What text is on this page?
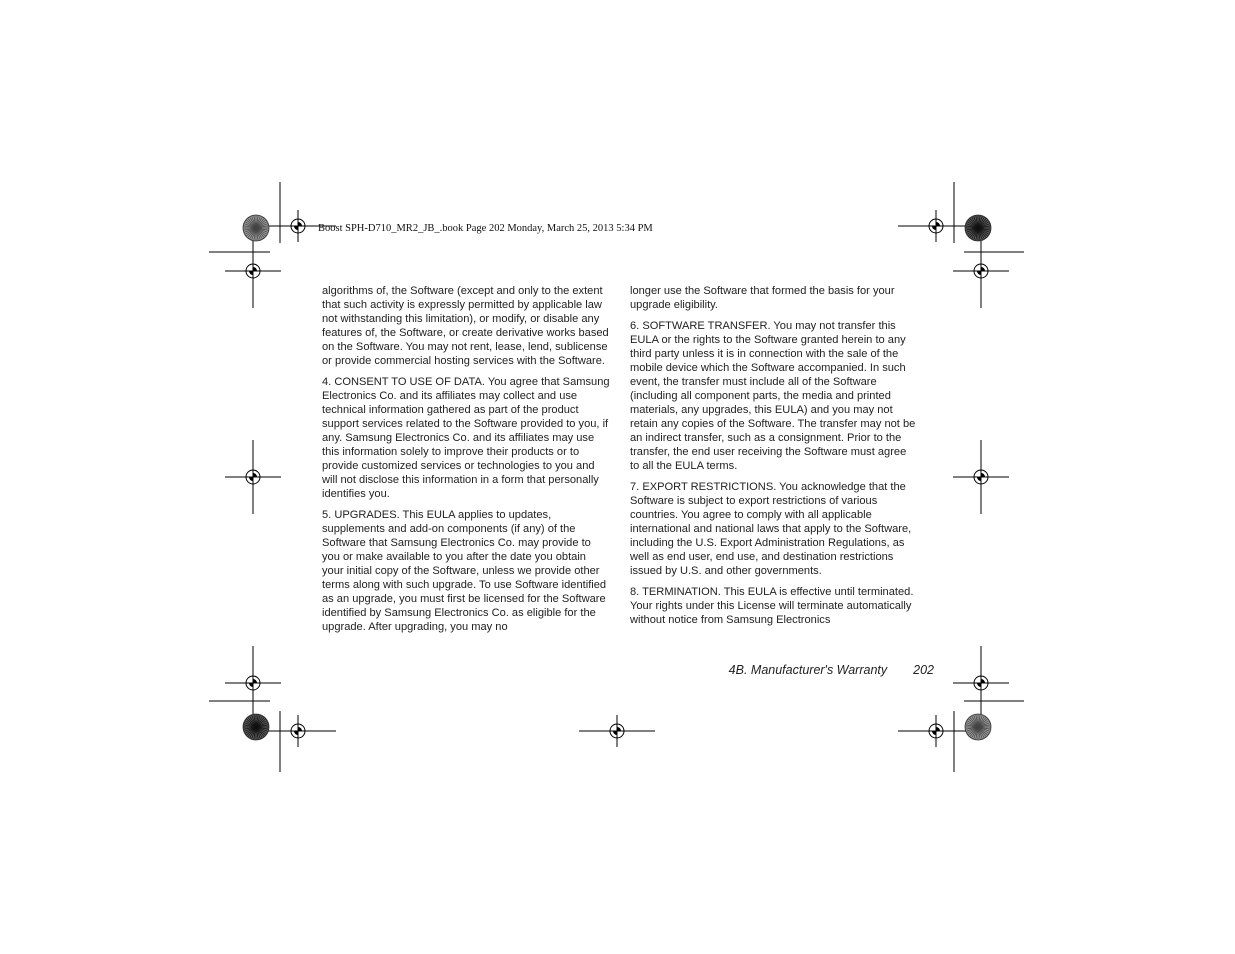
Boost SPH-D710_MR2_JB_.book Page 202 Monday, March 25, 2013 5:34 PM

algorithms of, the Software (except and only to the extent that such activity is expressly permitted by applicable law not withstanding this limitation), or modify, or disable any features of, the Software, or create derivative works based on the Software. You may not rent, lease, lend, sublicense or provide commercial hosting services with the Software.

4. CONSENT TO USE OF DATA. You agree that Samsung Electronics Co. and its affiliates may collect and use technical information gathered as part of the product support services related to the Software provided to you, if any. Samsung Electronics Co. and its affiliates may use this information solely to improve their products or to provide customized services or technologies to you and will not disclose this information in a form that personally identifies you.

5. UPGRADES. This EULA applies to updates, supplements and add-on components (if any) of the Software that Samsung Electronics Co. may provide to you or make available to you after the date you obtain your initial copy of the Software, unless we provide other terms along with such upgrade. To use Software identified as an upgrade, you must first be licensed for the Software identified by Samsung Electronics Co. as eligible for the upgrade. After upgrading, you may no

longer use the Software that formed the basis for your upgrade eligibility.

6. SOFTWARE TRANSFER. You may not transfer this EULA or the rights to the Software granted herein to any third party unless it is in connection with the sale of the mobile device which the Software accompanied. In such event, the transfer must include all of the Software (including all component parts, the media and printed materials, any upgrades, this EULA) and you may not retain any copies of the Software. The transfer may not be an indirect transfer, such as a consignment. Prior to the transfer, the end user receiving the Software must agree to all the EULA terms.

7. EXPORT RESTRICTIONS. You acknowledge that the Software is subject to export restrictions of various countries. You agree to comply with all applicable international and national laws that apply to the Software, including the U.S. Export Administration Regulations, as well as end user, end use, and destination restrictions issued by U.S. and other governments.

8. TERMINATION. This EULA is effective until terminated. Your rights under this License will terminate automatically without notice from Samsung Electronics

4B. Manufacturer's Warranty 202
